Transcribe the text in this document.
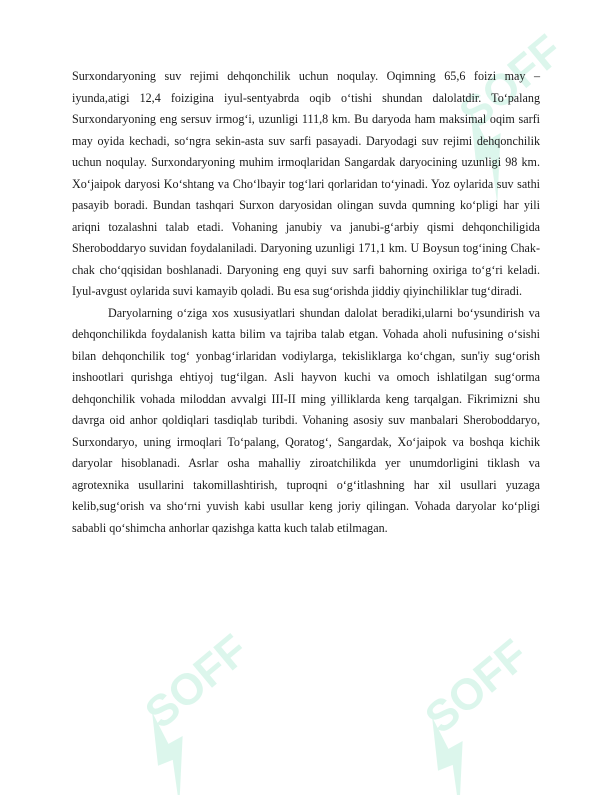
SOFF
SOFF	SOFF

Surxondaryoning suv rejimi dehqonchilik uchun noqulay. Oqimning 65,6 foizi may – iyunda,atigi 12,4 foizigina iyul-sentyabrda oqib o‘tishi shundan dalolatdir. To‘palang Surxondaryoning eng sersuv irmog‘i, uzunligi 111,8 km. Bu daryoda ham maksimal oqim sarfi may oyida kechadi, so‘ngra sekin-asta suv sarfi pasayadi. Daryodagi suv rejimi dehqonchilik uchun noqulay. Surxondaryoning muhim irmoqlaridan Sangardak daryocining uzunligi 98 km. Xo‘jaipok daryosi Ko‘shtang va Cho‘lbayir tog‘lari qorlaridan to‘yinadi. Yoz oylarida suv sathi pasayib boradi. Bundan tashqari Surxon daryosidan olingan suvda qumning ko‘pligi har yili ariqni tozalashni talab etadi. Vohaning janubiy va janubi-g‘arbiy qismi dehqonchiligida Sheroboddaryo suvidan foydalaniladi. Daryoning uzunligi 171,1 km. U Boysun tog‘ining Chak-chak cho‘qqisidan boshlanadi. Daryoning eng quyi suv sarfi bahorning oxiriga to‘g‘ri keladi. Iyul-avgust oylarida suvi kamayib qoladi. Bu esa sug‘orishda jiddiy qiyinchiliklar tug‘diradi.

Daryolarning o‘ziga xos xususiyatlari shundan dalolat beradiki,ularni bo‘ysundirish va dehqonchilikda foydalanish katta bilim va tajriba talab etgan. Vohada aholi nufusining o‘sishi bilan dehqonchilik tog‘ yonbag‘irlaridan vodiylarga, tekisliklarga ko‘chgan, sun'iy sug‘orish inshootlari qurishga ehtiyoj tug‘ilgan. Asli hayvon kuchi va omoch ishlatilgan sug‘orma dehqonchilik vohada miloddan avvalgi III-II ming yilliklarda keng tarqalgan. Fikrimizni shu davrga oid anhor qoldiqlari tasdiqlab turibdi. Vohaning asosiy suv manbalari Sheroboddaryo, Surxondaryo, uning irmoqlari To‘palang, Qoratog‘, Sangardak, Xo‘jaipok va boshqa kichik daryolar hisoblanadi. Asrlar osha mahalliy ziroatchilikda yer unumdorligini tiklash va agrotexnika usullarini takomillashtirish, tuproqni o‘g‘itlashning har xil usullari yuzaga kelib,sug‘orish va sho‘rni yuvish kabi usullar keng joriy qilingan. Vohada daryolar ko‘pligi sababli qo‘shimcha anhorlar qazishga katta kuch talab etilmagan.
